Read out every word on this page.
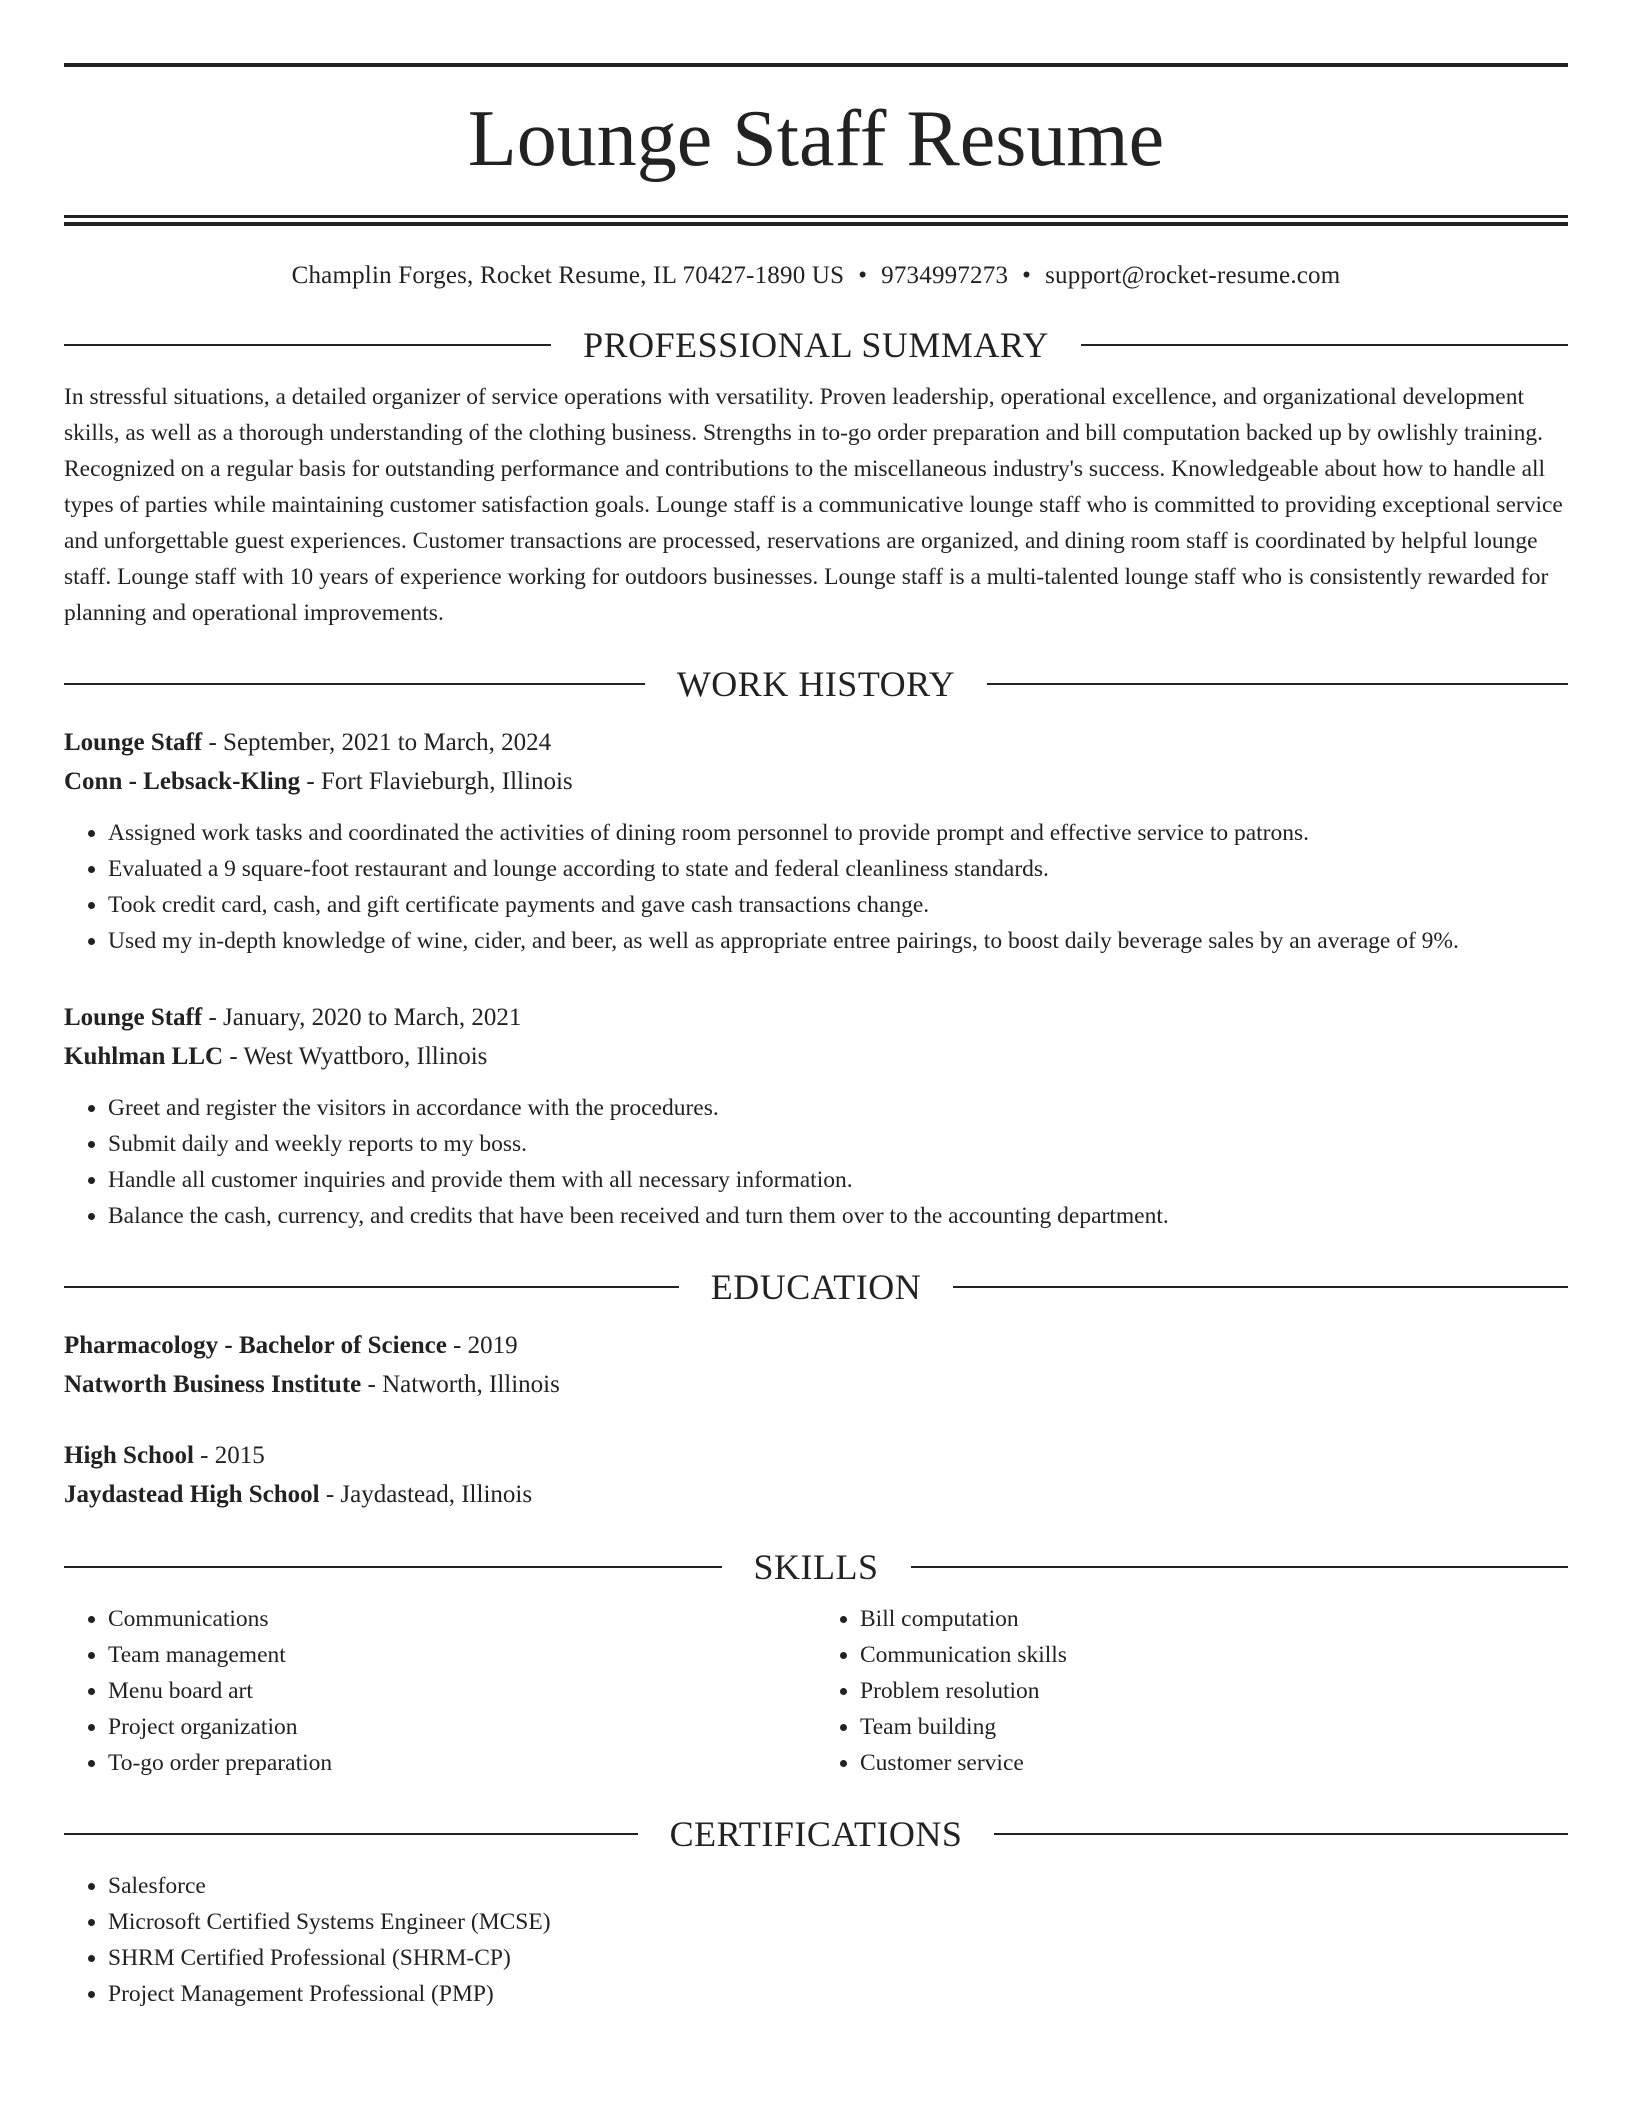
Lounge Staff Resume
Champlin Forges, Rocket Resume, IL 70427-1890 US • 9734997273 • support@rocket-resume.com
PROFESSIONAL SUMMARY
In stressful situations, a detailed organizer of service operations with versatility. Proven leadership, operational excellence, and organizational development skills, as well as a thorough understanding of the clothing business. Strengths in to-go order preparation and bill computation backed up by owlishly training. Recognized on a regular basis for outstanding performance and contributions to the miscellaneous industry's success. Knowledgeable about how to handle all types of parties while maintaining customer satisfaction goals. Lounge staff is a communicative lounge staff who is committed to providing exceptional service and unforgettable guest experiences. Customer transactions are processed, reservations are organized, and dining room staff is coordinated by helpful lounge staff. Lounge staff with 10 years of experience working for outdoors businesses. Lounge staff is a multi-talented lounge staff who is consistently rewarded for planning and operational improvements.
WORK HISTORY
Lounge Staff - September, 2021 to March, 2024
Conn - Lebsack-Kling - Fort Flavieburgh, Illinois
• Assigned work tasks and coordinated the activities of dining room personnel to provide prompt and effective service to patrons.
• Evaluated a 9 square-foot restaurant and lounge according to state and federal cleanliness standards.
• Took credit card, cash, and gift certificate payments and gave cash transactions change.
• Used my in-depth knowledge of wine, cider, and beer, as well as appropriate entree pairings, to boost daily beverage sales by an average of 9%.
Lounge Staff - January, 2020 to March, 2021
Kuhlman LLC - West Wyattboro, Illinois
• Greet and register the visitors in accordance with the procedures.
• Submit daily and weekly reports to my boss.
• Handle all customer inquiries and provide them with all necessary information.
• Balance the cash, currency, and credits that have been received and turn them over to the accounting department.
EDUCATION
Pharmacology - Bachelor of Science - 2019
Natworth Business Institute - Natworth, Illinois
High School - 2015
Jaydastead High School - Jaydastead, Illinois
SKILLS
• Communications
• Team management
• Menu board art
• Project organization
• To-go order preparation
• Bill computation
• Communication skills
• Problem resolution
• Team building
• Customer service
CERTIFICATIONS
• Salesforce
• Microsoft Certified Systems Engineer (MCSE)
• SHRM Certified Professional (SHRM-CP)
• Project Management Professional (PMP)
